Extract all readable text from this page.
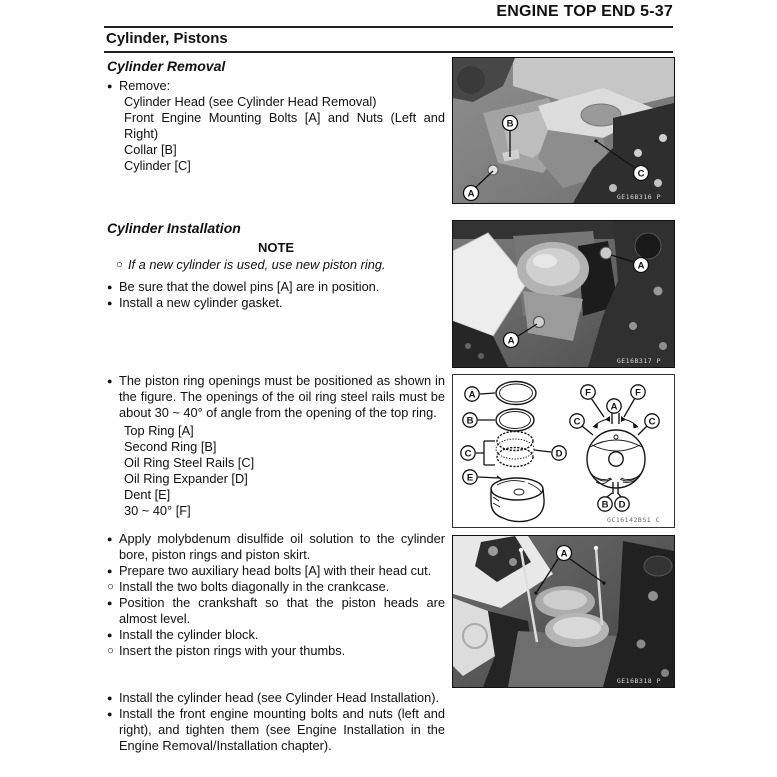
ENGINE TOP END 5-37
Cylinder, Pistons
Cylinder Removal
● Remove:
Cylinder Head (see Cylinder Head Removal)
Front Engine Mounting Bolts [A] and Nuts (Left and Right)
Collar [B]
Cylinder [C]
Cylinder Installation
NOTE
○ If a new cylinder is used, use new piston ring.
● Be sure that the dowel pins [A] are in position.
● Install a new cylinder gasket.
● The piston ring openings must be positioned as shown in the figure. The openings of the oil ring steel rails must be about 30 ~ 40° of angle from the opening of the top ring.
Top Ring [A]
Second Ring [B]
Oil Ring Steel Rails [C]
Oil Ring Expander [D]
Dent [E]
30 ~ 40° [F]
● Apply molybdenum disulfide oil solution to the cylinder bore, piston rings and piston skirt.
● Prepare two auxiliary head bolts [A] with their head cut.
○ Install the two bolts diagonally in the crankcase.
● Position the crankshaft so that the piston heads are almost level.
● Install the cylinder block.
○ Insert the piston rings with your thumbs.
● Install the cylinder head (see Cylinder Head Installation).
● Install the front engine mounting bolts and nuts (left and right), and tighten them (see Engine Installation in the Engine Removal/Installation chapter).
B
A
C
GE16B316 P
A
A
GE16B317 P
A
B
C	D
E
F
A
F
C	C
B D
GC16142BS1 C
A
GE16B318 P
